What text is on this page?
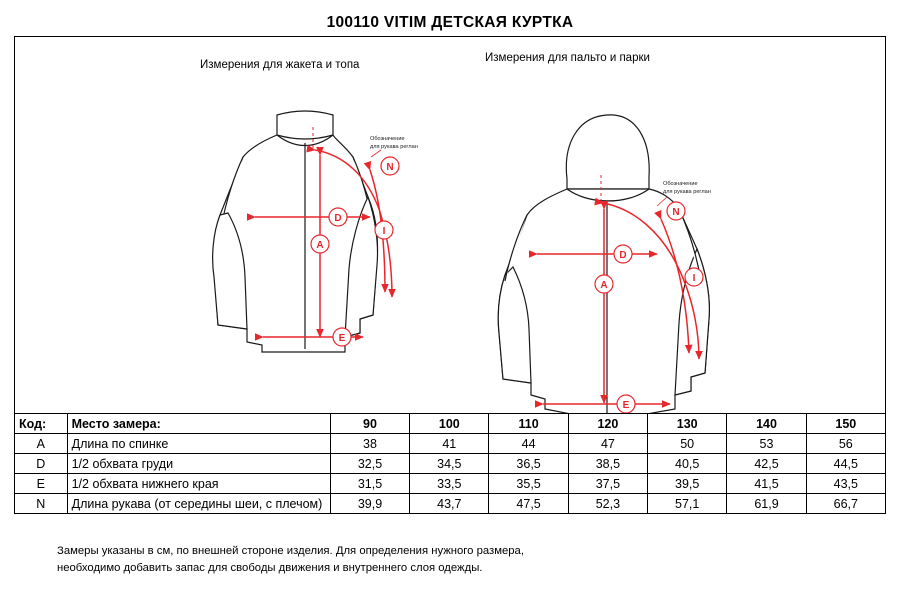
100110 VITIM ДЕТСКАЯ КУРТКА
Измерения для жакета и топа
Измерения для пальто и парки
A
D
E
N
I
Обозначение
для рукава реглан
A
D
E
N
I
Обозначение
для рукава реглан
Код:	Место замера:	90	100	110	120	130	140	150
A	Длина по спинке	38	41	44	47	50	53	56
D	1/2 обхвата груди	32,5	34,5	36,5	38,5	40,5	42,5	44,5
E	1/2 обхвата нижнего края	31,5	33,5	35,5	37,5	39,5	41,5	43,5
N	Длина рукава (от середины шеи, с плечом)	39,9	43,7	47,5	52,3	57,1	61,9	66,7
Замеры указаны в см, по внешней стороне изделия. Для определения нужного размера,
необходимо добавить запас для свободы движения и внутреннего слоя одежды.
